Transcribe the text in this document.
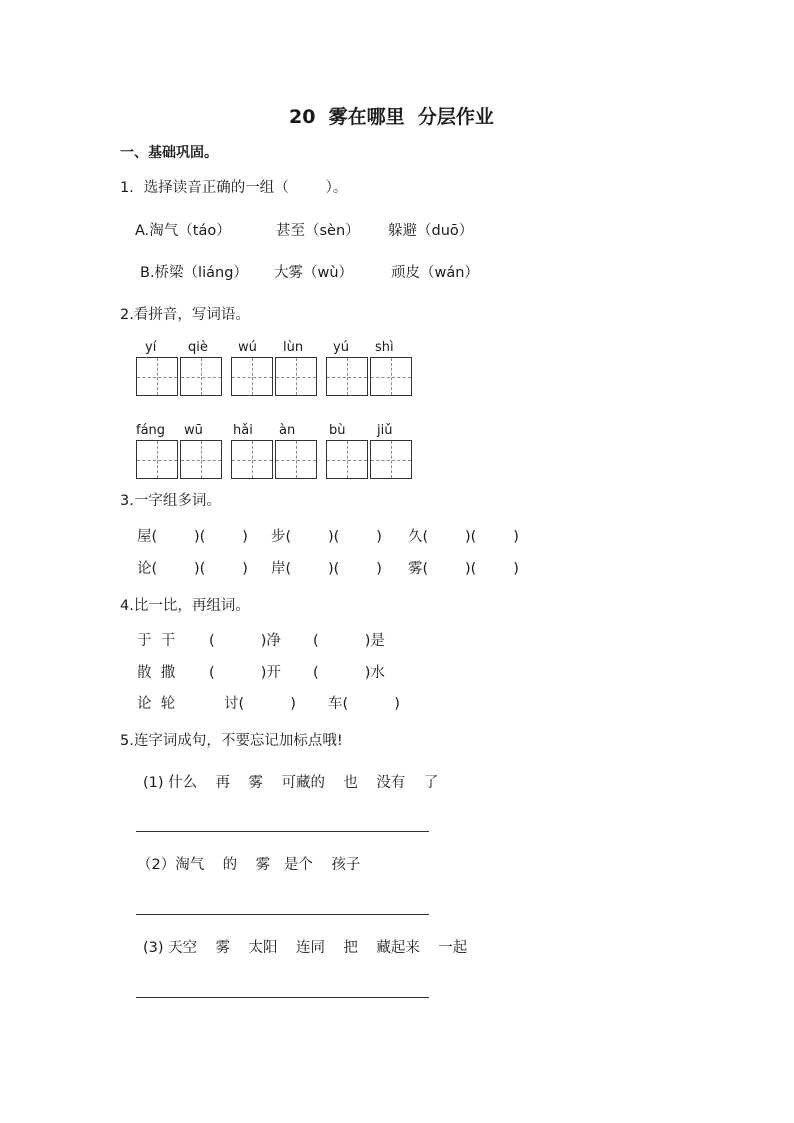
20  雾在哪里  分层作业
一、基础巩固。
1．选择读音正确的一组（        ）。
A.淘气（táo）	甚至（sèn） 躲避（duō）
B.桥梁（liáng） 大雾（wù）	顽皮（wán）
2.看拼音，写词语。
yí qiè wú lùn yú shì
fáng wū hǎi àn	bù jiǔ
3.一字组多词。
屋(        )(        ) 步(        )(        ) 久(        )(        )
论(        )(        ) 岸(        )(        ) 雾(        )(        )
4.比一比，再组词。
于  干 (          )净 (          )是
散  撒 (          )开 (          )水
论  轮	讨(          ) 车(          )
5.连字词成句，不要忘记加标点哦!
(1) 什么    再    雾    可藏的    也    没有    了
（2）淘气    的    雾   是个    孩子
(3) 天空    雾    太阳    连同    把    藏起来    一起
